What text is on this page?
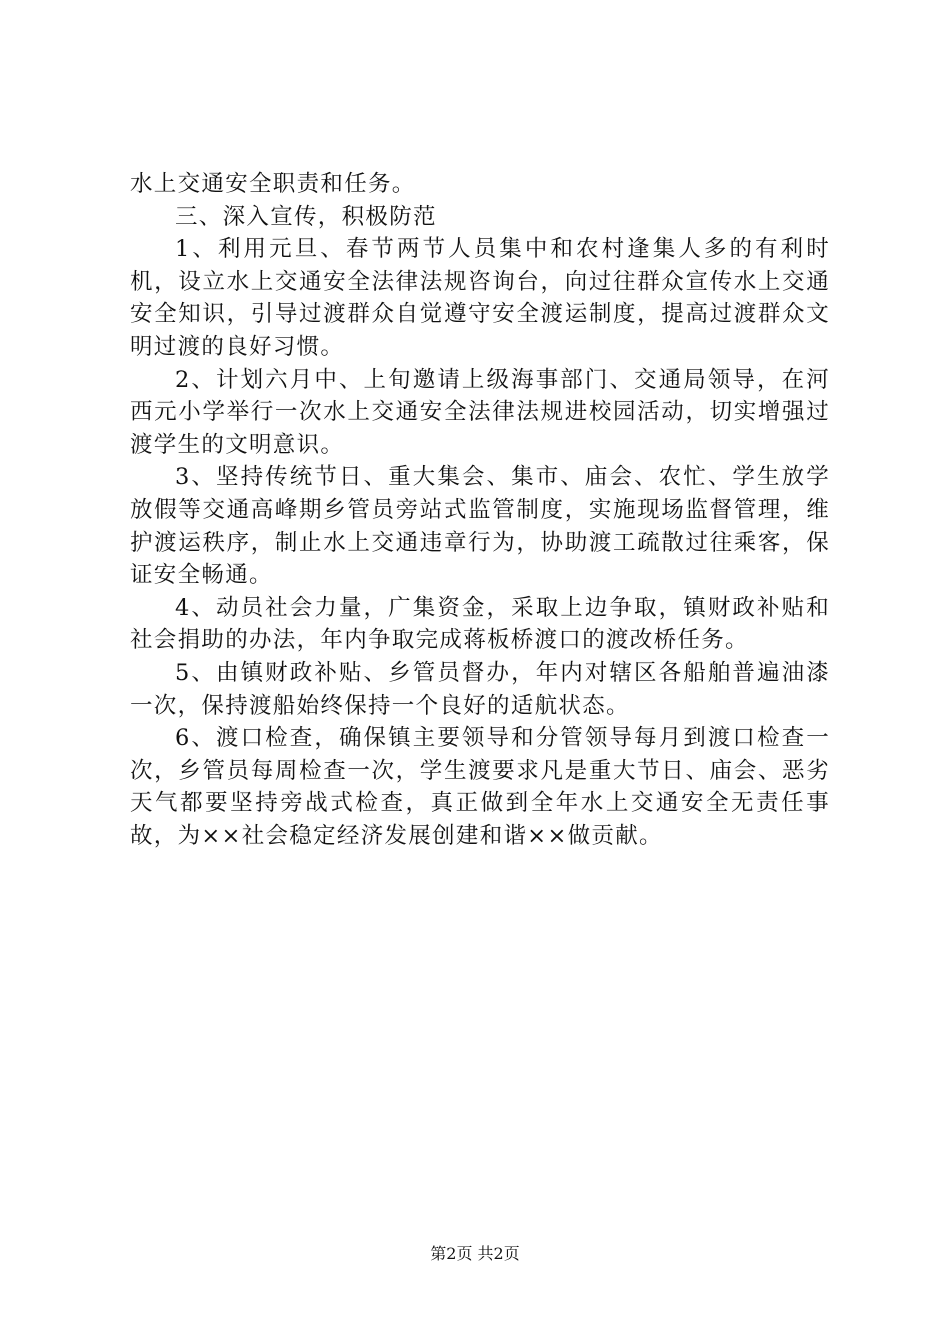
水上交通安全职责和任务。

三、深入宣传，积极防范

1、利用元旦、春节两节人员集中和农村逢集人多的有利时机，设立水上交通安全法律法规咨询台，向过往群众宣传水上交通安全知识，引导过渡群众自觉遵守安全渡运制度，提高过渡群众文明过渡的良好习惯。

2、计划六月中、上旬邀请上级海事部门、交通局领导，在河西元小学举行一次水上交通安全法律法规进校园活动，切实增强过渡学生的文明意识。

3、坚持传统节日、重大集会、集市、庙会、农忙、学生放学放假等交通高峰期乡管员旁站式监管制度，实施现场监督管理，维护渡运秩序，制止水上交通违章行为，协助渡工疏散过往乘客，保证安全畅通。

4、动员社会力量，广集资金，采取上边争取，镇财政补贴和社会捐助的办法，年内争取完成蒋板桥渡口的渡改桥任务。

5、由镇财政补贴、乡管员督办，年内对辖区各船舶普遍油漆一次，保持渡船始终保持一个良好的适航状态。

6、渡口检查，确保镇主要领导和分管领导每月到渡口检查一次，乡管员每周检查一次，学生渡要求凡是重大节日、庙会、恶劣天气都要坚持旁战式检查，真正做到全年水上交通安全无责任事故，为××社会稳定经济发展创建和谐××做贡献。

第2页 共2页
